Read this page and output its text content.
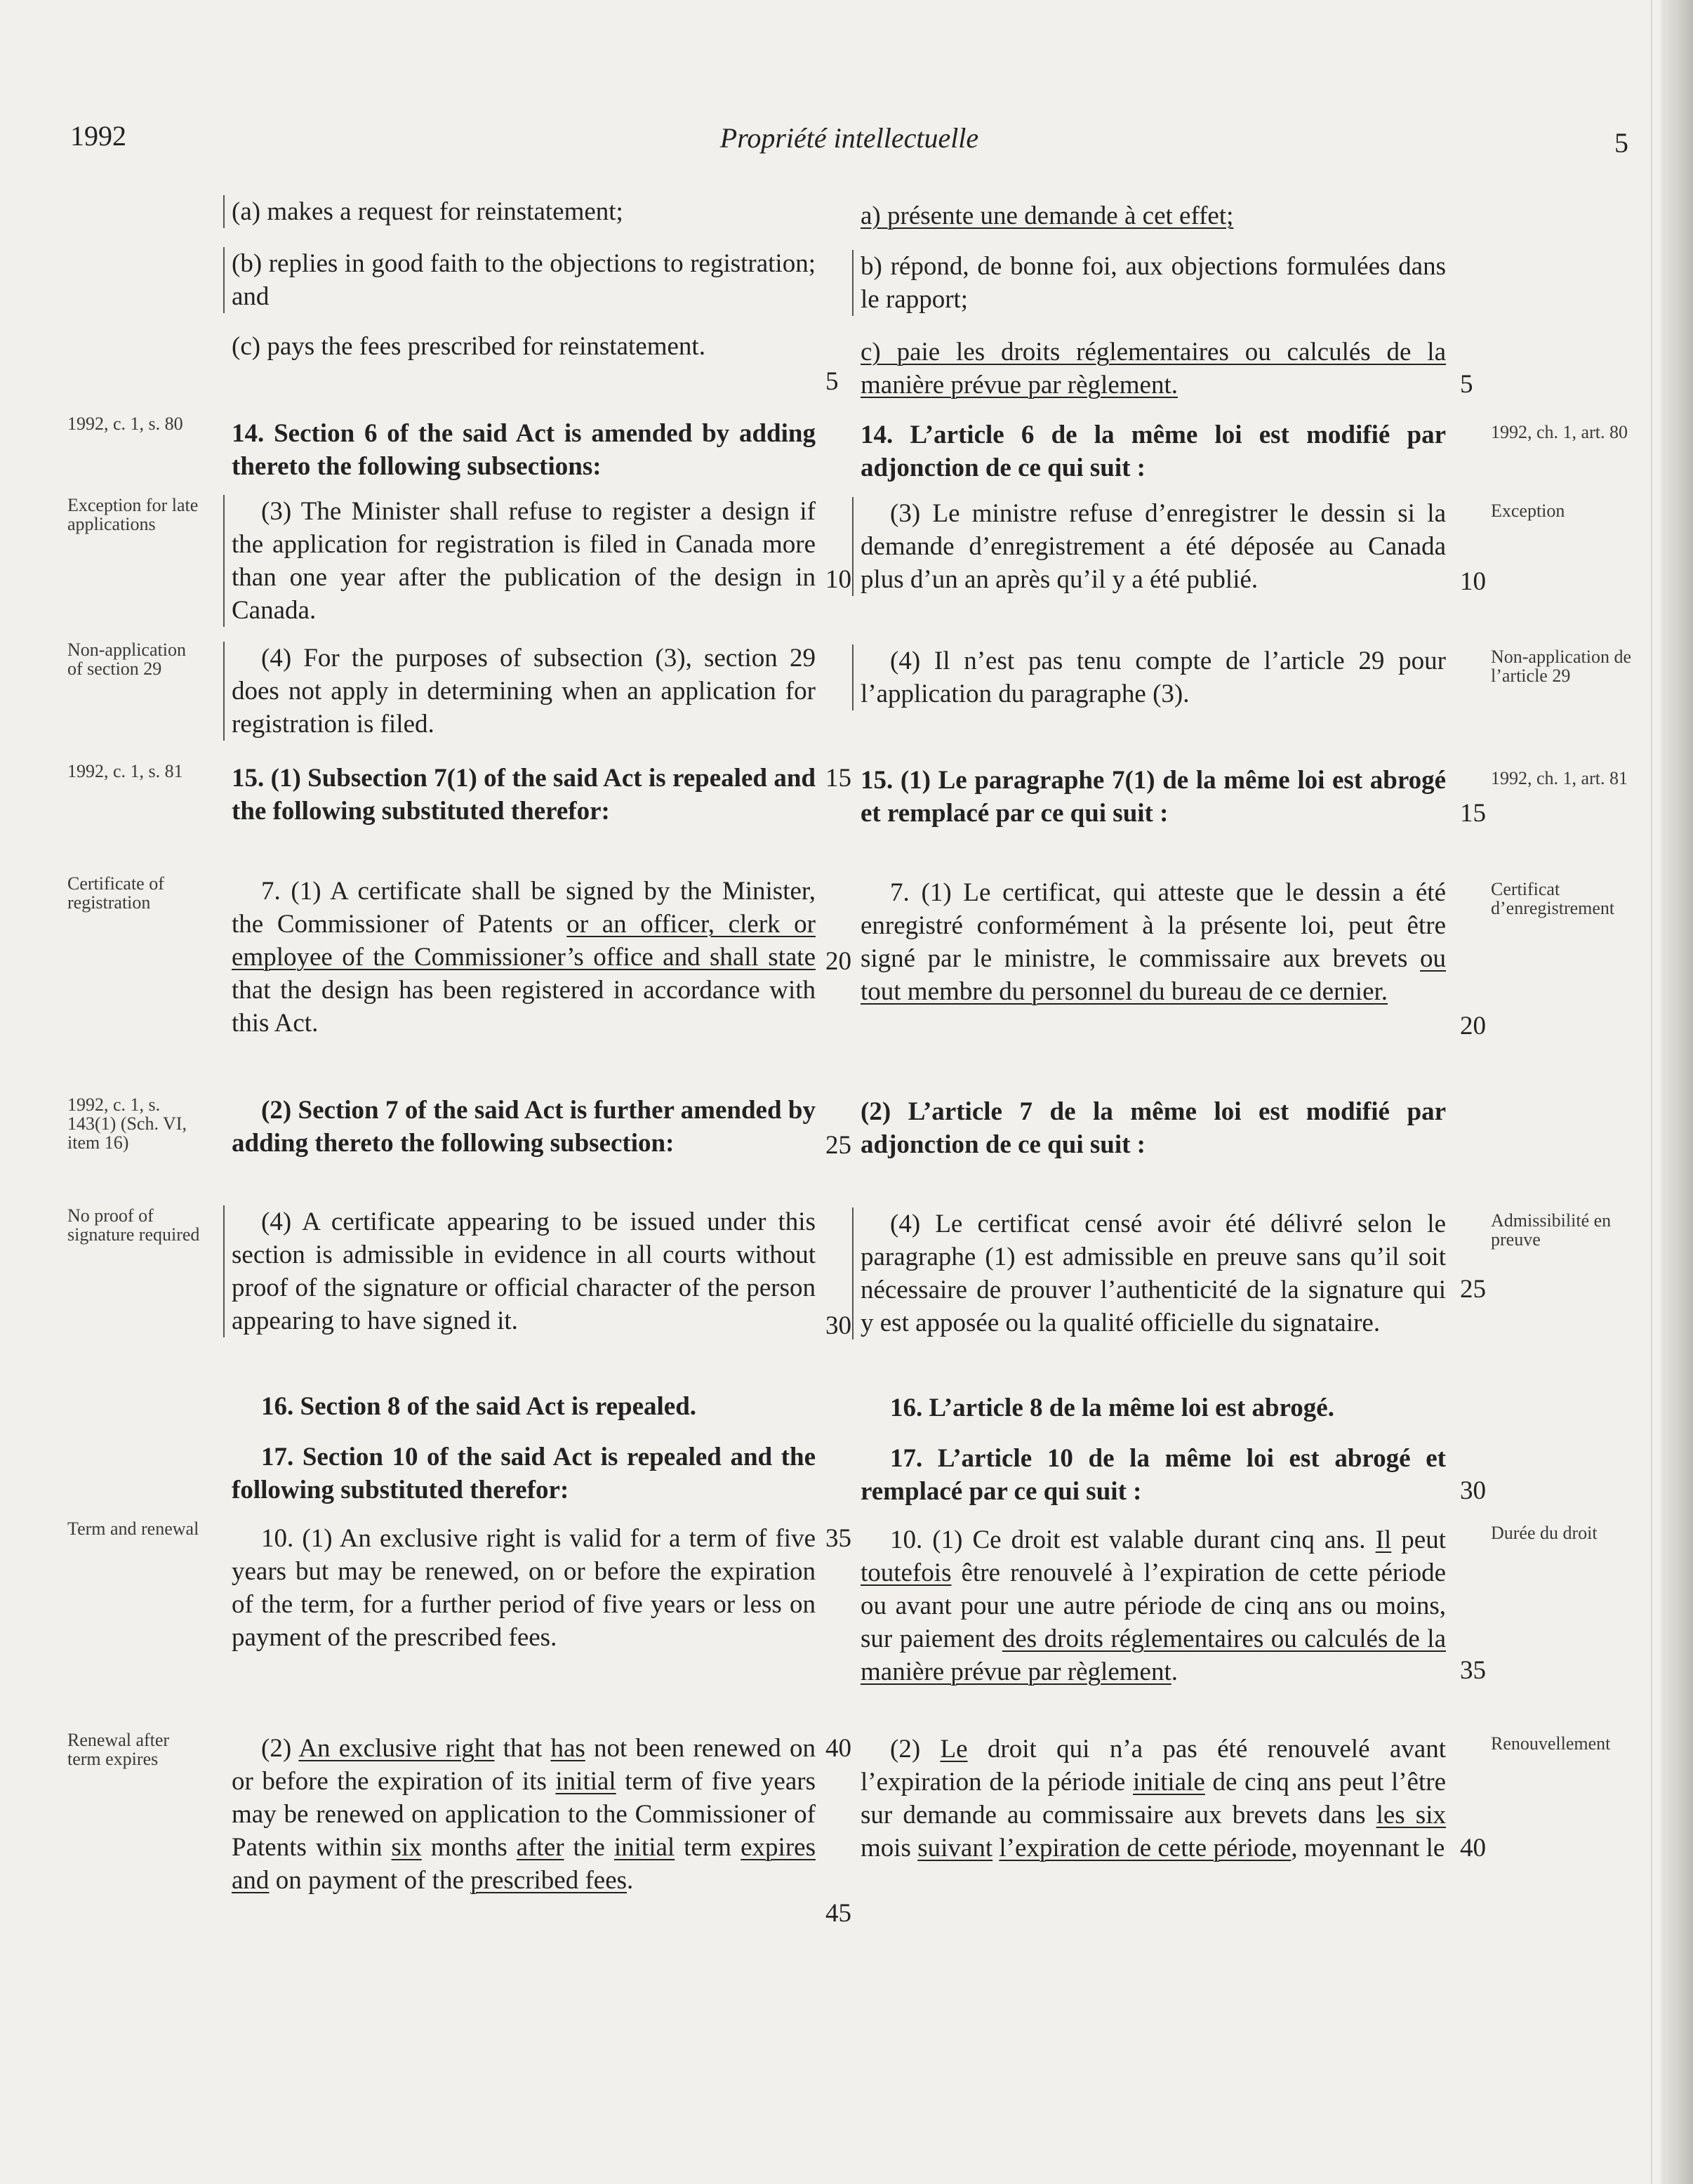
1992	Propriété intellectuelle	5
(a) makes a request for reinstatement;
(b) replies in good faith to the objections to registration; and
(c) pays the fees prescribed for reinstatement.
14. Section 6 of the said Act is amended by adding thereto the following subsections:
(3) The Minister shall refuse to register a design if the application for registration is filed in Canada more than one year after the publication of the design in Canada.
(4) For the purposes of subsection (3), section 29 does not apply in determining when an application for registration is filed.
15. (1) Subsection 7(1) of the said Act is repealed and the following substituted therefor:
7. (1) A certificate shall be signed by the Minister, the Commissioner of Patents or an officer, clerk or employee of the Commissioner’s office and shall state that the design has been registered in accordance with this Act.
(2) Section 7 of the said Act is further amended by adding thereto the following subsection:
(4) A certificate appearing to be issued under this section is admissible in evidence in all courts without proof of the signature or official character of the person appearing to have signed it.
16. Section 8 of the said Act is repealed.
17. Section 10 of the said Act is repealed and the following substituted therefor:
10. (1) An exclusive right is valid for a term of five years but may be renewed, on or before the expiration of the term, for a further period of five years or less on payment of the prescribed fees.
(2) An exclusive right that has not been renewed on or before the expiration of its initial term of five years may be renewed on application to the Commissioner of Patents within six months after the initial term expires and on payment of the prescribed fees.
a) présente une demande à cet effet;
b) répond, de bonne foi, aux objections formulées dans le rapport;
c) paie les droits réglementaires ou calculés de la manière prévue par règlement.
14. L’article 6 de la même loi est modifié par adjonction de ce qui suit :
(3) Le ministre refuse d’enregistrer le dessin si la demande d’enregistrement a été déposée au Canada plus d’un an après qu’il y a été publié.
(4) Il n’est pas tenu compte de l’article 29 pour l’application du paragraphe (3).
15. (1) Le paragraphe 7(1) de la même loi est abrogé et remplacé par ce qui suit :
7. (1) Le certificat, qui atteste que le dessin a été enregistré conformément à la présente loi, peut être signé par le ministre, le commissaire aux brevets ou tout membre du personnel du bureau de ce dernier.
(2) L’article 7 de la même loi est modifié par adjonction de ce qui suit :
(4) Le certificat censé avoir été délivré selon le paragraphe (1) est admissible en preuve sans qu’il soit nécessaire de prouver l’authenticité de la signature qui y est apposée ou la qualité officielle du signataire.
16. L’article 8 de la même loi est abrogé.
17. L’article 10 de la même loi est abrogé et remplacé par ce qui suit :
10. (1) Ce droit est valable durant cinq ans. Il peut toutefois être renouvelé à l’expiration de cette période ou avant pour une autre période de cinq ans ou moins, sur paiement des droits réglementaires ou calculés de la manière prévue par règlement.
(2) Le droit qui n’a pas été renouvelé avant l’expiration de la période initiale de cinq ans peut l’être sur demande au commissaire aux brevets dans les six mois suivant l’expiration de cette période, moyennant le
5
10
15
20
25
30
35
40
45
5
10
15
20
25
30
35
40
1992, c. 1, s. 80
Exception for late applications
Non-application of section 29
1992, c. 1, s. 81
Certificate of registration
1992, c. 1, s. 143(1) (Sch. VI, item 16)
No proof of signature required
Term and renewal
Renewal after term expires
1992, ch. 1, art. 80
Exception
Non-application de l’article 29
1992, ch. 1, art. 81
Certificat d’enregistrement
Admissibilité en preuve
Durée du droit
Renouvellement
